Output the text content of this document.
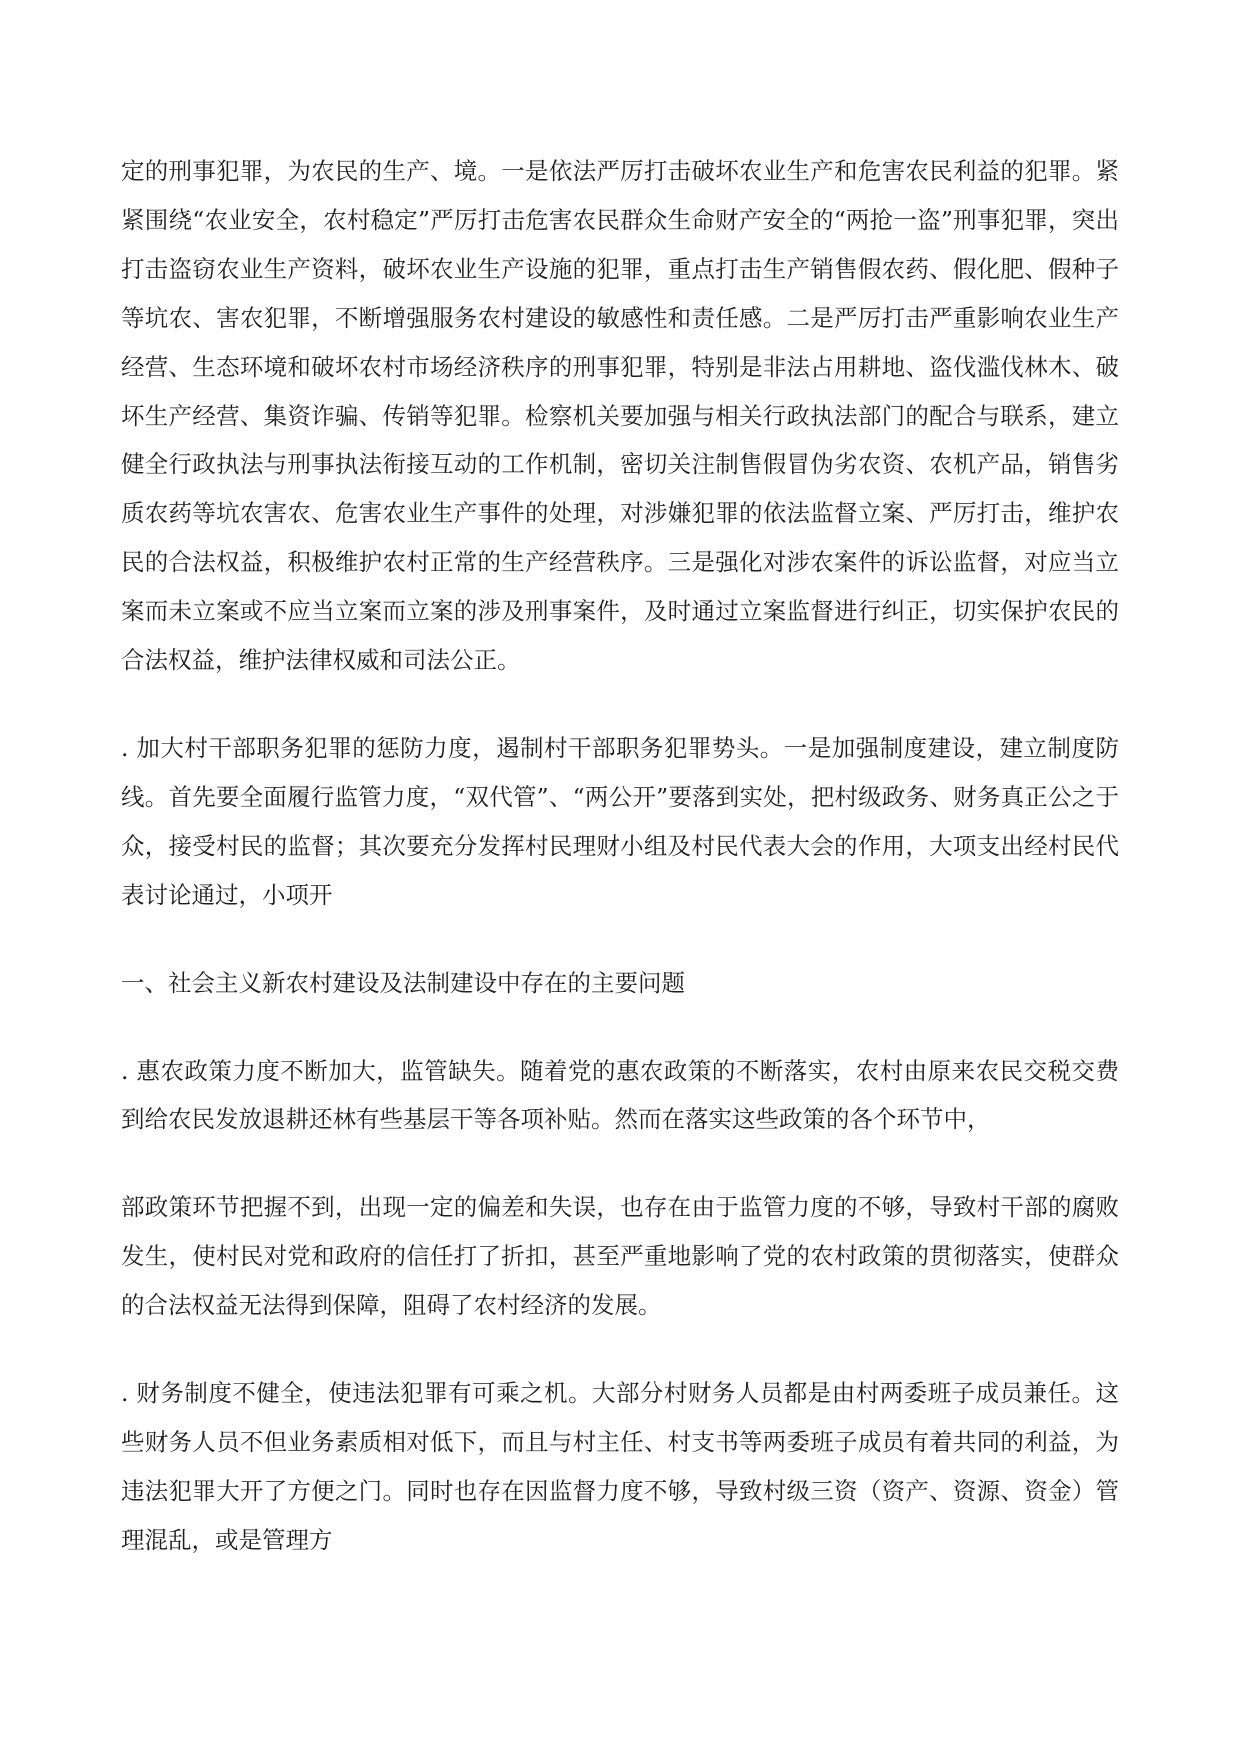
定的刑事犯罪，为农民的生产、境。一是依法严厉打击破坏农业生产和危害农民利益的犯罪。紧紧围绕“农业安全，农村稳定”严厉打击危害农民群众生命财产安全的“两抢一盗”刑事犯罪，突出打击盗窃农业生产资料，破坏农业生产设施的犯罪，重点打击生产销售假农药、假化肥、假种子等坑农、害农犯罪，不断增强服务农村建设的敏感性和责任感。二是严厉打击严重影响农业生产经营、生态环境和破坏农村市场经济秩序的刑事犯罪，特别是非法占用耕地、盗伐滥伐林木、破坏生产经营、集资诈骗、传销等犯罪。检察机关要加强与相关行政执法部门的配合与联系，建立健全行政执法与刑事执法衔接互动的工作机制，密切关注制售假冒伪劣农资、农机产品，销售劣质农药等坑农害农、危害农业生产事件的处理，对涉嫌犯罪的依法监督立案、严厉打击，维护农民的合法权益，积极维护农村正常的生产经营秩序。三是强化对涉农案件的诉讼监督，对应当立案而未立案或不应当立案而立案的涉及刑事案件，及时通过立案监督进行纠正，切实保护农民的合法权益，维护法律权威和司法公正。

. 加大村干部职务犯罪的惩防力度，遏制村干部职务犯罪势头。一是加强制度建设，建立制度防线。首先要全面履行监管力度，“双代管”、“两公开”要落到实处，把村级政务、财务真正公之于众，接受村民的监督；其次要充分发挥村民理财小组及村民代表大会的作用，大项支出经村民代表讨论通过，小项开

一、社会主义新农村建设及法制建设中存在的主要问题

. 惠农政策力度不断加大，监管缺失。随着党的惠农政策的不断落实，农村由原来农民交税交费到给农民发放退耕还林有些基层干等各项补贴。然而在落实这些政策的各个环节中，

部政策环节把握不到，出现一定的偏差和失误，也存在由于监管力度的不够，导致村干部的腐败发生，使村民对党和政府的信任打了折扣，甚至严重地影响了党的农村政策的贯彻落实，使群众的合法权益无法得到保障，阻碍了农村经济的发展。

. 财务制度不健全，使违法犯罪有可乘之机。大部分村财务人员都是由村两委班子成员兼任。这些财务人员不但业务素质相对低下，而且与村主任、村支书等两委班子成员有着共同的利益，为违法犯罪大开了方便之门。同时也存在因监督力度不够，导致村级三资（资产、资源、资金）管理混乱，或是管理方
